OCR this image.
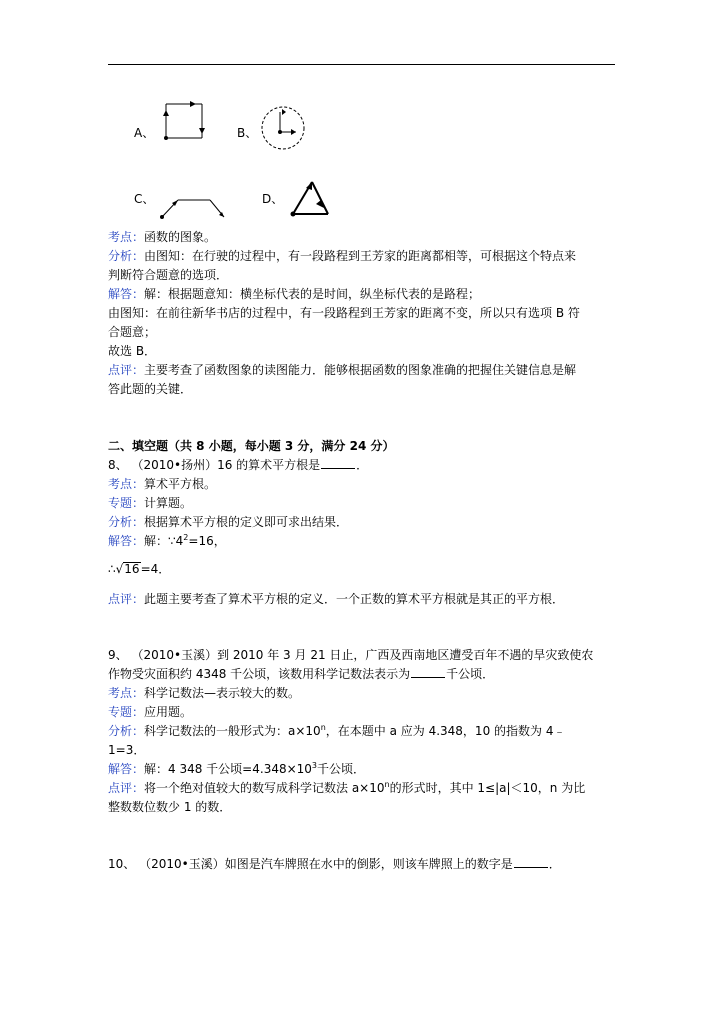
A、	B、
C、	D、
考点：函数的图象。
分析：由图知：在行驶的过程中，有一段路程到王芳家的距离都相等，可根据这个特点来
判断符合题意的选项．
解答：解：根据题意知：横坐标代表的是时间，纵坐标代表的是路程；
由图知：在前往新华书店的过程中，有一段路程到王芳家的距离不变，所以只有选项 B 符
合题意；
故选 B．
点评：主要考查了函数图象的读图能力．能够根据函数的图象准确的把握住关键信息是解
答此题的关键．
二、填空题（共 8 小题，每小题 3 分，满分 24 分）
8、 （2010•扬州）16 的算术平方根是	．
考点：算术平方根。
专题：计算题。
分析：根据算术平方根的定义即可求出结果．
解答：解：$\because 4^2=16$，
∴√16=4．
点评：此题主要考查了算术平方根的定义．一个正数的算术平方根就是其正的平方根．
9、 （2010•玉溪）到 2010 年 3 月 21 日止，广西及西南地区遭受百年不遇的旱灾致使农
作物受灾面积约 4348 千公顷，该数用科学记数法表示为	千公顷．
考点：科学记数法—表示较大的数。
专题：应用题。
分析：科学记数法的一般形式为：$a\times 10^n$，在本题中 a 应为 4.348，10 的指数为 4﹣
1=3．
解答：解：4 348 千公顷$=4.348\times 10^3$千公顷．
点评：将一个绝对值较大的数写成科学记数法 $a\times 10^n$的形式时，其中 1≤|a|＜10，n 为比
整数数位数少 1 的数．
10、 （2010•玉溪）如图是汽车牌照在水中的倒影，则该车牌照上的数字是	．
